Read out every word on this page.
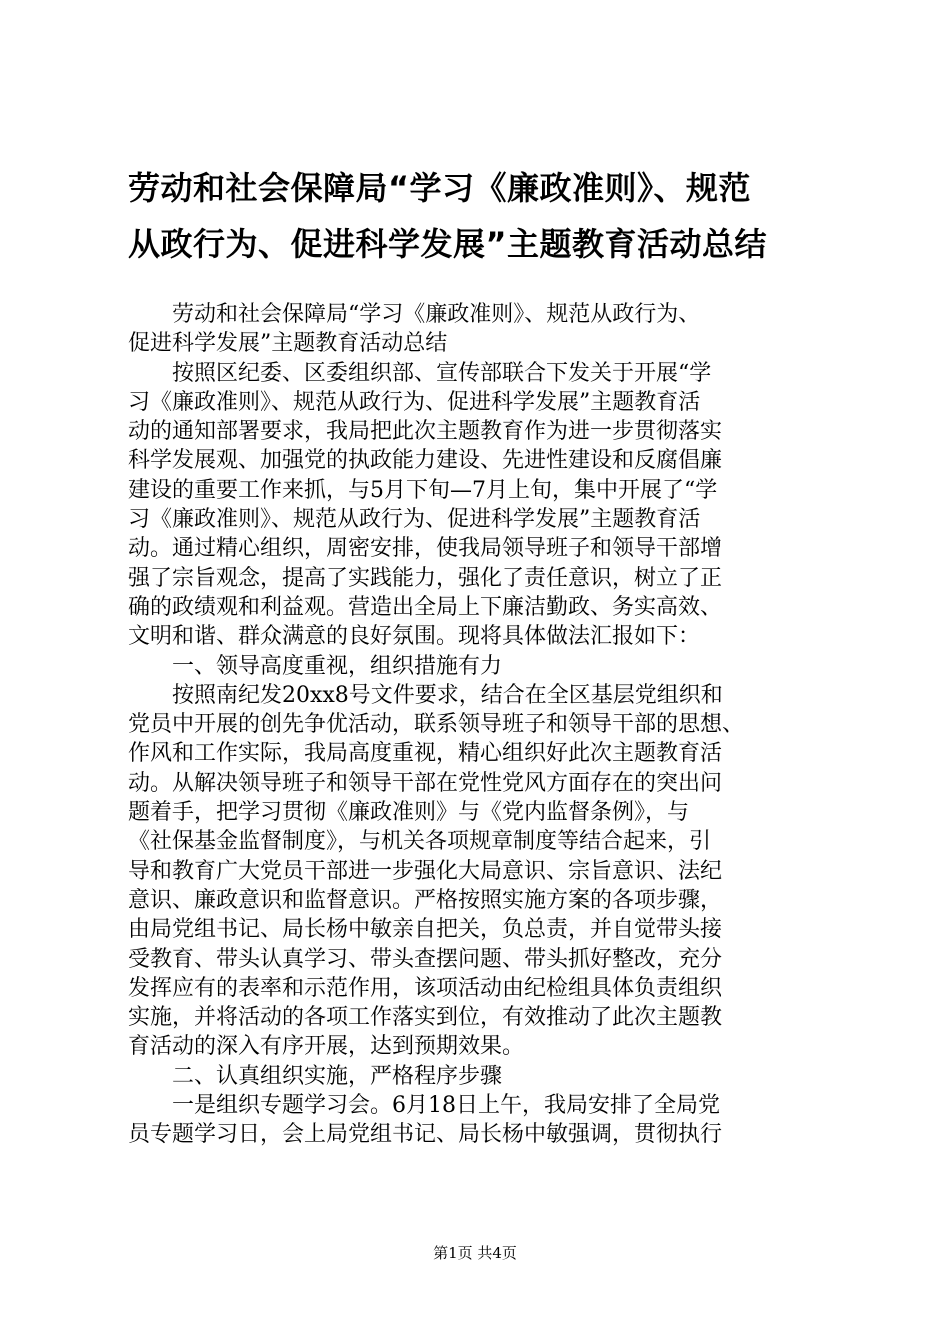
劳动和社会保障局“学习《廉政准则》、规范
从政行为、促进科学发展”主题教育活动总结
劳动和社会保障局“学习《廉政准则》、规范从政行为、
促进科学发展”主题教育活动总结
按照区纪委、区委组织部、宣传部联合下发关于开展“学
习《廉政准则》、规范从政行为、促进科学发展”主题教育活
动的通知部署要求，我局把此次主题教育作为进一步贯彻落实
科学发展观、加强党的执政能力建设、先进性建设和反腐倡廉
建设的重要工作来抓，与5月下旬—7月上旬，集中开展了“学
习《廉政准则》、规范从政行为、促进科学发展”主题教育活
动。通过精心组织，周密安排，使我局领导班子和领导干部增
强了宗旨观念，提高了实践能力，强化了责任意识，树立了正
确的政绩观和利益观。营造出全局上下廉洁勤政、务实高效、
文明和谐、群众满意的良好氛围。现将具体做法汇报如下：
一、领导高度重视，组织措施有力
按照南纪发20xx8号文件要求，结合在全区基层党组织和
党员中开展的创先争优活动，联系领导班子和领导干部的思想、
作风和工作实际，我局高度重视，精心组织好此次主题教育活
动。从解决领导班子和领导干部在党性党风方面存在的突出问
题着手，把学习贯彻《廉政准则》与《党内监督条例》，与
《社保基金监督制度》，与机关各项规章制度等结合起来，引
导和教育广大党员干部进一步强化大局意识、宗旨意识、法纪
意识、廉政意识和监督意识。严格按照实施方案的各项步骤，
由局党组书记、局长杨中敏亲自把关，负总责，并自觉带头接
受教育、带头认真学习、带头查摆问题、带头抓好整改，充分
发挥应有的表率和示范作用，该项活动由纪检组具体负责组织
实施，并将活动的各项工作落实到位，有效推动了此次主题教
育活动的深入有序开展，达到预期效果。
二、认真组织实施，严格程序步骤
一是组织专题学习会。6月18日上午，我局安排了全局党
员专题学习日，会上局党组书记、局长杨中敏强调，贯彻执行
第1页 共4页
